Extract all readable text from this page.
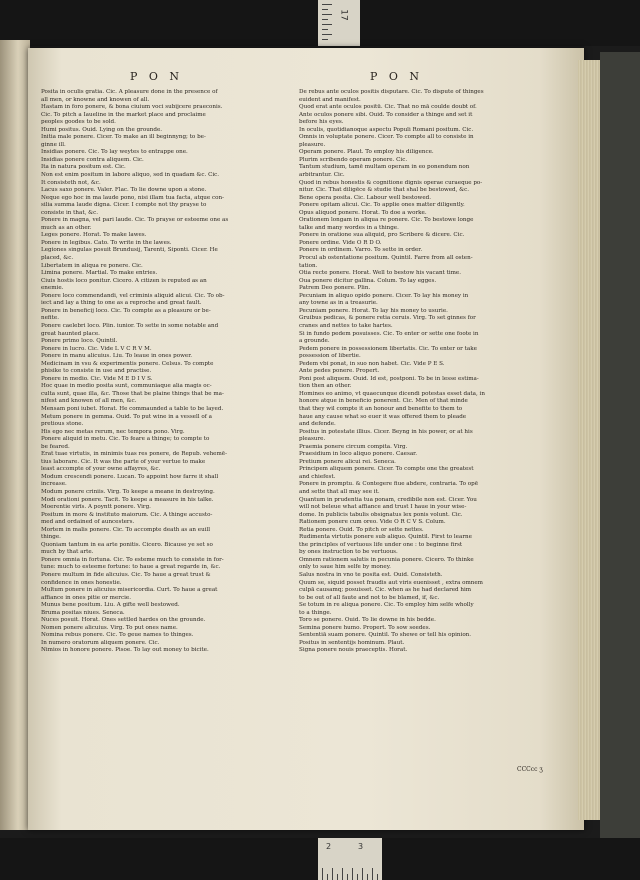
17
P O N	P O N

Posita in oculis gratia. Cic. A pleasure done in the presence of

all men, or knowne and knowen of all.

Hastam in foro ponere, & bona ciuium voci subijcere praeconis.

Cic. To pitch a Iaueline in the market place and proclaime

peoples goodes to be sold.

Humi positus. Ouid. Lying on the grounde.

Initia male ponere. Cicer. To make an ill beginnyng; to be-

ginne ill.

Insidias ponere. Cic. To lay weytes to entrappe one.

Insidias ponere contra aliquem. Cic.

Ita in natura positum est. Cic.

Non est enim positum in labore aliquo, sed in quadam &c. Cic.

It consisteth not, &c.

Lacus saxo ponere. Valer. Flac. To lie downe upon a stone.

Neque ego hoc in ma laude pono, nisi illam tua facta, atque con-

silia summa laude digna. Cicer. I compte not thy prayse to

consiste in that, &c.

Ponere in magna, vel pari laude. Cic. To prayse or esteeme one as

much as an other.

Leges ponere. Horat. To make lawes.

Ponere in legibus. Cato. To write in the lawes.

Legiones singulas posuit Brundusij, Tarenti, Siponti. Cicer. He

placed, &c.

Libertatem in aliqua re ponere. Cic.

Limina ponere. Martial. To make entries.

Ciuis hostis loco ponitur. Cicero. A citizen is reputed as an

enemie.

Ponere loco commendandi, vel criminis aliquid alicui. Cic. To ob-

iect and lay a thing to one as a reproche and great fault.

Ponere in beneficij loco. Cic. To compte as a pleasure or be-

nefite.

Ponere caelebri loco. Plin. iunior. To sette in some notable and

great haunted place.

Ponere primo loco. Quintil.

Ponere in lucro. Cic. Vide L V C R V M.

Ponere in manu alicuius. Liu. To leaue in ones power.

Medicinam in vsu & experimentis ponere. Celsus. To compte

phisike to consiste in use and practise.

Ponere in medio. Cic. Vide M E D I V S.

Hoc quae in medio posita sunt, communiaque alia magis oc-

culta sunt, quae illa, &c. Those that be plaine things that be ma-

nifest and knowen of all men, &c.

Mensam poni iubet. Horat. He commaunded a table to be layed.

Metum ponere in gemma. Ouid. To put wine in a vessell of a

pretious stone.

His ego nec metas rerum, nec tempora pono. Virg.

Ponere aliquid in metu. Cic. To feare a thinge; to compte to

be feared.

Erat tuae virtutis, in minimis tuas res ponere, de Repub. vehemē-

tius laborare. Cic. It was the parte of your vertue to make

least accompte of your owne affayres, &c.

Modum crescendi ponere. Lucan. To appoint how farre it shall

increase.

Modum ponere criniis. Virg. To keepe a meane in destroying.

Modi orationi ponere. Tacit. To keepe a measure in his talke.

Moerentie virīs. A poyntt ponere. Virg.

Positum in more & instituto maiorum. Cic. A thinge accusto-

med and ordained of auncesters.

Mortem in malis ponere. Cic. To accompte death as an euill

thinge.

Quoniam tantum in ea arte ponitis. Cicero. Bicause ye set so

much by that arte.

Ponere omnia in fortuna. Cic. To esteme much to consiste in for-

tune: much to esteeme fortune: to haue a great regarde in, &c.

Ponere multum in fide alicuius. Cic. To haue a great trust &

confidence in ones honestie.

Multum ponere in alicuius misericordia. Curt. To haue a great

affiance in ones pitie or mercie.

Munus bene positum. Liu. A gifte well bestowed.

Bruma positas niues. Seneca.

Nuces posuit. Horat. Ones settled hardes on the grounde.

Nomen ponere alicuius. Virg. To put ones name.

Nomina rebus ponere. Cic. To geue names to thinges.

In numero oratorum aliquem ponere. Cic.

Nimios in honore ponere. Pisoe. To lay out money to bicite.

De rebus ante oculos positis disputare. Cic. To dispute of thinges

euident and manifest.

Quod erat ante oculos positū. Cic. That no mā coulde doubt of.

Ante oculos ponere sibi. Ouid. To consider a thinge and set it

before his eyes.

In oculis, quotidianoque aspectu Populi Romani positum. Cic.

Omnis in voluptate ponere. Cicer. To compte all to consiste in

pleasure.

Operam ponere. Plaut. To employ his diligence.

Plurim scribendo operam ponere. Cic.

Tantum studium, tamē multam operam in eo ponendum non

arbitrantur. Cic.

Quod in rebus honestis & cognitione dignis operae curaeque po-

nitur. Cic. That diligēce & studie that shal be bestowed, &c.

Bene opera posita. Cic. Labour well bestowed.

Ponere opitam alicui. Cic. To applie ones matter diligently.

Opus aliquod ponere. Horat. To doe a worke.

Orationem longam in aliqua re ponere. Cic. To bestowe longe

talke and many wordes in a thinge.

Ponere in oratione sua aliquid, pro Scribere & dicere. Cic.

Ponere ordine. Vide O R D O.

Ponere in ordinem. Varro. To sette in order.

Procul ab ostentatione positum. Quintil. Farre from all osten-

tation.

Otia recte ponere. Horat. Well to bestow his vacant time.

Oua ponere dicitur gallina. Colum. To lay egges.

Patrem Deo ponere. Plin.

Pecuniam in aliquo opido ponere. Cicer. To lay his money in

any towne as in a treasurie.

Pecuniam ponere. Horat. To lay his money to usurie.

Gruibus pedicas, & ponere retia ceruis. Virg. To set ginnes for

cranes and nettes to take hartes.

Si in fundo pedem posuisses. Cic. To enter or sette one foote in

a grounde.

Pedem ponere in possessionem libertatis. Cic. To enter or take

possession of libertie.

Pedem vbi ponat, in suo non habet. Cic. Vide P E S.

Ante pedes ponere. Propert.

Poni post aliquem. Ouid. Id est, postponi. To be in lesse estima-

tion then an other.

Homines eo animo, vt quaecunque dicendi potestas esset data, in

honore atque in beneficio ponerent. Cic. Men of that minde

that they wil compte it an honour and benefite to them to

haue any cause what so euer it was offered them to pleade

and defende.

Positus in potestate illius. Cicer. Beyng in his power, or at his

pleasure.

Praemia ponere circum compita. Virg.

Praesidium in loco aliquo ponere. Caesar.

Pretium ponere alicui rei. Seneca.

Principem aliquem ponere. Cicer. To compte one the greatest

and chiefest.

Ponere in promptu. & Contegere fiue abdere, contraria. To opē

and sette that all may see it.

Quantum in prudentia tua ponam, credibile non est. Cicer. You

will not beleue what affiance and trust I haue in your wise-

dome. In publicis tabulis obsignatus lex ponis volunt. Cic.

Rationem ponere cum oreo. Vide O R C V S. Colum.

Retia ponere. Ouid. To pitch or sette nettes.

Rudimenta virtutis ponere sub aliquo. Quintil. First to learne

the principles of vertuous life under one : to beginne first

by ones instruction to be vertuous.

Omnem rationem salutis in pecunia ponere. Cicero. To thinke

only to saue him selfe by money.

Salus nostra in vno te posita est. Ouid. Consisteth.

Quum se, siquid posset fraudis aut viris euenisset , extra omnem

culpā causamq; posuisset. Cic. when as he had declared him

to be out of all faute and not to be blamed, if, &c.

Se totum in re aliqua ponere. Cic. To employ him selfe wholly

to a thinge.

Toro se ponere. Ouid. To lie downe in his bedde.

Semina ponere humo. Propert. To sow seedes.

Sententiā suam ponere. Quintil. To shewe or tell his opinion.

Positus in sententijs hominum. Plaut.

Signa ponere nouis praeceptis. Horat.

CCCcc ʒ
2	3
